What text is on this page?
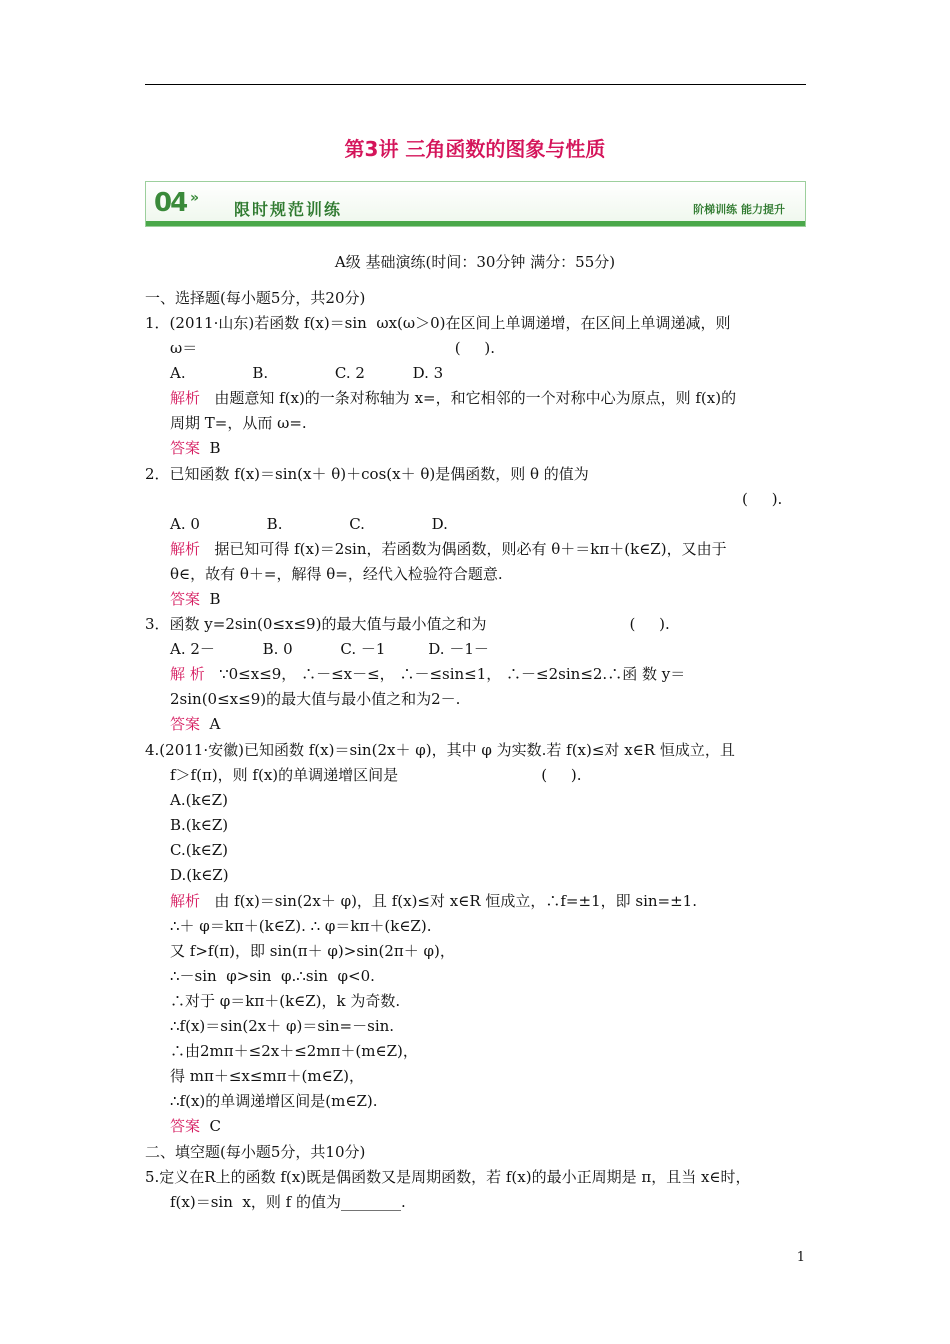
第3讲 三角函数的图象与性质
04 »
限时规范训练	阶梯训练 能力提升
A级 基础演练(时间：30分钟 满分：55分)
一、选择题(每小题5分，共20分)
1．(2011·山东)若函数 f(x)＝sin  ωx(ω＞0)在区间上单调递增，在区间上单调递减，则
ω＝                                                      (     ).
A.              B.              C. 2          D. 3
解析   由题意知 f(x)的一条对称轴为 x=，和它相邻的一个对称中心为原点，则 f(x)的
周期 T=，从而 ω=.
答案  B
2．已知函数 f(x)＝sin(x＋ θ)＋cos(x＋ θ)是偶函数，则 θ 的值为
(     ).
A. 0              B.              C.              D.
解析   据已知可得 f(x)＝2sin，若函数为偶函数，则必有 θ＋＝kπ＋(k∈Z)，又由于
θ∈，故有 θ＋=，解得 θ=，经代入检验符合题意.
答案  B
3．函数 y=2sin(0≤x≤9)的最大值与最小值之和为                              (     ).
A. 2－          B. 0          C. －1         D. －1－
解 析   ∵0≤x≤9， ∴－≤x－≤， ∴－≤sin≤1， ∴－≤2sin≤2.∴函 数 y＝
2sin(0≤x≤9)的最大值与最小值之和为2－.
答案  A
4.(2011·安徽)已知函数 f(x)＝sin(2x＋ φ)，其中 φ 为实数.若 f(x)≤对 x∈R 恒成立，且
f＞f(π)，则 f(x)的单调递增区间是                              (     ).
A.(k∈Z)
B.(k∈Z)
C.(k∈Z)
D.(k∈Z)
解析   由 f(x)＝sin(2x＋ φ)，且 f(x)≤对 x∈R 恒成立，∴f=±1，即 sin=±1.
∴＋ φ＝kπ＋(k∈Z). ∴ φ＝kπ＋(k∈Z).
又 f>f(π)，即 sin(π＋ φ)>sin(2π＋ φ)，
∴－sin  φ>sin  φ.∴sin  φ<0.
∴对于 φ＝kπ＋(k∈Z)，k 为奇数.
∴f(x)＝sin(2x＋ φ)＝sin=－sin.
∴由2mπ＋≤2x＋≤2mπ＋(m∈Z)，
得 mπ＋≤x≤mπ＋(m∈Z)，
∴f(x)的单调递增区间是(m∈Z).
答案  C
二、填空题(每小题5分，共10分)
5.定义在R上的函数 f(x)既是偶函数又是周期函数，若 f(x)的最小正周期是 π，且当 x∈时，
f(x)＝sin  x，则 f 的值为________.
1
